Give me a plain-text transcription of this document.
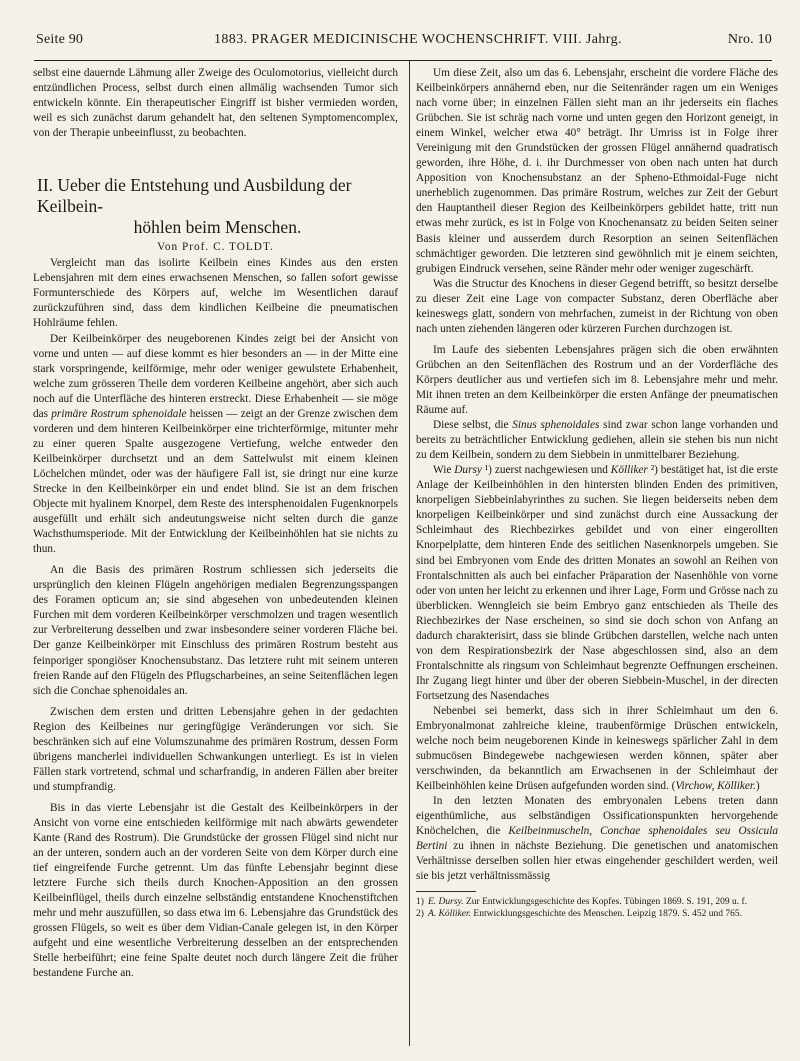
Seite 90	1883. PRAGER MEDICINISCHE WOCHENSCHRIFT. VIII. Jahrg.	Nro. 10

selbst eine dauernde Lähmung aller Zweige des Oculomotorius, vielleicht durch entzündlichen Process, selbst durch einen allmälig wachsenden Tumor sich entwickeln könnte. Ein therapeutischer Eingriff ist bisher vermieden worden, weil es sich zunächst darum gehandelt hat, den seltenen Symptomencomplex, von der Therapie unbeeinflusst, zu beobachten.

II. Ueber die Entstehung und Ausbildung der Keilbein-
höhlen beim Menschen.
Von Prof. C. TOLDT.

Vergleicht man das isolirte Keilbein eines Kindes aus den ersten Lebensjahren mit dem eines erwachsenen Menschen, so fallen sofort gewisse Formunterschiede des Körpers auf, welche im Wesentlichen darauf zurückzuführen sind, dass dem kindlichen Keilbeine die pneumatischen Hohlräume fehlen.

Der Keilbeinkörper des neugeborenen Kindes zeigt bei der Ansicht von vorne und unten — auf diese kommt es hier besonders an — in der Mitte eine stark vorspringende, keilförmige, mehr oder weniger gewulstete Erhabenheit, welche zum grösseren Theile dem vorderen Keilbeine angehört, aber sich auch noch auf die Unterfläche des hinteren erstreckt. Diese Erhabenheit — sie möge das primäre Rostrum sphenoidale heissen — zeigt an der Grenze zwischen dem vorderen und dem hinteren Keilbeinkörper eine trichterförmige, mitunter mehr zu einer queren Spalte ausgezogene Vertiefung, welche entweder den Keilbeinkörper durchsetzt und an dem Sattelwulst mit einem kleinen Löchelchen mündet, oder was der häufigere Fall ist, sie dringt nur eine kurze Strecke in den Keilbeinkörper ein und endet blind. Sie ist an dem frischen Objecte mit hyalinem Knorpel, dem Reste des intersphenoidalen Fugenknorpels ausgefüllt und erhält sich andeutungsweise nicht selten durch die ganze Wachsthumsperiode. Mit der Entwicklung der Keilbeinhöhlen hat sie nichts zu thun.

An die Basis des primären Rostrum schliessen sich jederseits die ursprünglich den kleinen Flügeln angehörigen medialen Begrenzungsspangen des Foramen opticum an; sie sind abgesehen von unbedeutenden kleinen Furchen mit dem vorderen Keilbeinkörper verschmolzen und tragen wesentlich zur Verbreiterung desselben und zwar insbesondere seiner vorderen Fläche bei. Der ganze Keilbeinkörper mit Einschluss des primären Rostrum besteht aus feinporiger spongiöser Knochensubstanz. Das letztere ruht mit seinem unteren freien Rande auf den Flügeln des Pflugscharbeines, an seine Seitenflächen legen sich die Conchae sphenoidales an.

Zwischen dem ersten und dritten Lebensjahre gehen in der gedachten Region des Keilbeines nur geringfügige Veränderungen vor sich. Sie beschränken sich auf eine Volumszunahme des primären Rostrum, dessen Form übrigens mancherlei individuellen Schwankungen unterliegt. Es ist in vielen Fällen stark vortretend, schmal und scharfrandig, in anderen Fällen aber breiter und stumpfrandig.

Bis in das vierte Lebensjahr ist die Gestalt des Keilbeinkörpers in der Ansicht von vorne eine entschieden keilförmige mit nach abwärts gewendeter Kante (Rand des Rostrum). Die Grundstücke der grossen Flügel sind nicht nur an der unteren, sondern auch an der vorderen Seite von dem Körper durch eine tief eingreifende Furche getrennt. Um das fünfte Lebensjahr beginnt diese letztere Furche sich theils durch Knochen-Apposition an den grossen Keilbeinflügel, theils durch einzelne selbständig entstandene Knochenstiftchen mehr und mehr auszufüllen, so dass etwa im 6. Lebensjahre das Grundstück des grossen Flügels, so weit es über dem Vidian-Canale gelegen ist, in den Körper aufgeht und eine wesentliche Verbreiterung desselben an der entsprechenden Stelle herbeiführt; eine feine Spalte deutet noch durch längere Zeit die früher bestandene Furche an.

Um diese Zeit, also um das 6. Lebensjahr, erscheint die vordere Fläche des Keilbeinkörpers annähernd eben, nur die Seitenränder ragen um ein Weniges nach vorne über; in einzelnen Fällen sieht man an ihr jederseits ein flaches Grübchen. Sie ist schräg nach vorne und unten gegen den Horizont geneigt, in einem Winkel, welcher etwa 40° beträgt. Ihr Umriss ist in Folge ihrer Vereinigung mit den Grundstücken der grossen Flügel annähernd quadratisch geworden, ihre Höhe, d. i. ihr Durchmesser von oben nach unten hat durch Apposition von Knochensubstanz an der Spheno-Ethmoidal-Fuge nicht unerheblich zugenommen. Das primäre Rostrum, welches zur Zeit der Geburt den Hauptantheil dieser Region des Keilbeinkörpers gebildet hatte, tritt nun etwas mehr zurück, es ist in Folge von Knochenansatz zu beiden Seiten seiner Basis kleiner und ausserdem durch Resorption an seinen Seitenflächen schmächtiger geworden. Die letzteren sind gewöhnlich mit je einem seichten, grubigen Eindruck versehen, seine Ränder mehr oder weniger zugeschärft.

Was die Structur des Knochens in dieser Gegend betrifft, so besitzt derselbe zu dieser Zeit eine Lage von compacter Substanz, deren Oberfläche aber keineswegs glatt, sondern von mehrfachen, zumeist in der Richtung von oben nach unten ziehenden längeren oder kürzeren Furchen durchzogen ist.

Im Laufe des siebenten Lebensjahres prägen sich die oben erwähnten Grübchen an den Seitenflächen des Rostrum und an der Vorderfläche des Körpers deutlicher aus und vertiefen sich im 8. Lebensjahre mehr und mehr. Mit ihnen treten an dem Keilbeinkörper die ersten Anfänge der pneumatischen Räume auf.

Diese selbst, die Sinus sphenoidales sind zwar schon lange vorhanden und bereits zu beträchtlicher Entwicklung gediehen, allein sie stehen bis nun nicht zu dem Keilbein, sondern zu dem Siebbein in unmittelbarer Beziehung.

Wie Dursy ¹) zuerst nachgewiesen und Kölliker ²) bestätiget hat, ist die erste Anlage der Keilbeinhöhlen in den hintersten blinden Enden des primitiven, knorpeligen Siebbeinlabyrinthes zu suchen. Sie liegen beiderseits neben dem knorpeligen Keilbeinkörper und sind zunächst durch eine Aussackung der Schleimhaut des Riechbezirkes gebildet und von einer eingerollten Knorpelplatte, dem hinteren Ende des seitlichen Nasenknorpels umgeben. Sie sind bei Embryonen vom Ende des dritten Monates an sowohl an Reihen von Frontalschnitten als auch bei einfacher Präparation der Nasenhöhle von vorne oder von unten her leicht zu erkennen und ihrer Lage, Form und Grösse nach zu überblicken. Wenngleich sie beim Embryo ganz entschieden als Theile des Riechbezirkes der Nase erscheinen, so sind sie doch schon von Anfang an dadurch charakterisirt, dass sie blinde Grübchen darstellen, welche nach unten von dem Respirationsbezirk der Nase abgeschlossen sind, also an dem Frontalschnitte als ringsum von Schleimhaut begrenzte Oeffnungen erscheinen. Ihr Zugang liegt hinter und über der oberen Siebbein-Muschel, in der directen Fortsetzung des Nasendaches

Nebenbei sei bemerkt, dass sich in ihrer Schleimhaut um den 6. Embryonalmonat zahlreiche kleine, traubenförmige Drüschen entwickeln, welche noch beim neugeborenen Kinde in keineswegs spärlicher Zahl in dem submucösen Bindegewebe nachgewiesen werden können, später aber verschwinden, da bekanntlich am Erwachsenen in der Schleimhaut der Keilbeinhöhlen keine Drüsen aufgefunden worden sind. (Virchow, Kölliker.)

In den letzten Monaten des embryonalen Lebens treten dann eigenthümliche, aus selbständigen Ossificationspunkten hervorgehende Knöchelchen, die Keilbeinmuscheln, Conchae sphenoidales seu Ossicula Bertini zu ihnen in nächste Beziehung. Die genetischen und anatomischen Verhältnisse derselben sollen hier etwas eingehender geschildert werden, weil sie bis jetzt verhältnissmässig

1) E. Dursy. Zur Entwicklungsgeschichte des Kopfes. Tübingen 1869. S. 191, 209 u. f.

2) A. Kölliker. Entwicklungsgeschichte des Menschen. Leipzig 1879. S. 452 und 765.
